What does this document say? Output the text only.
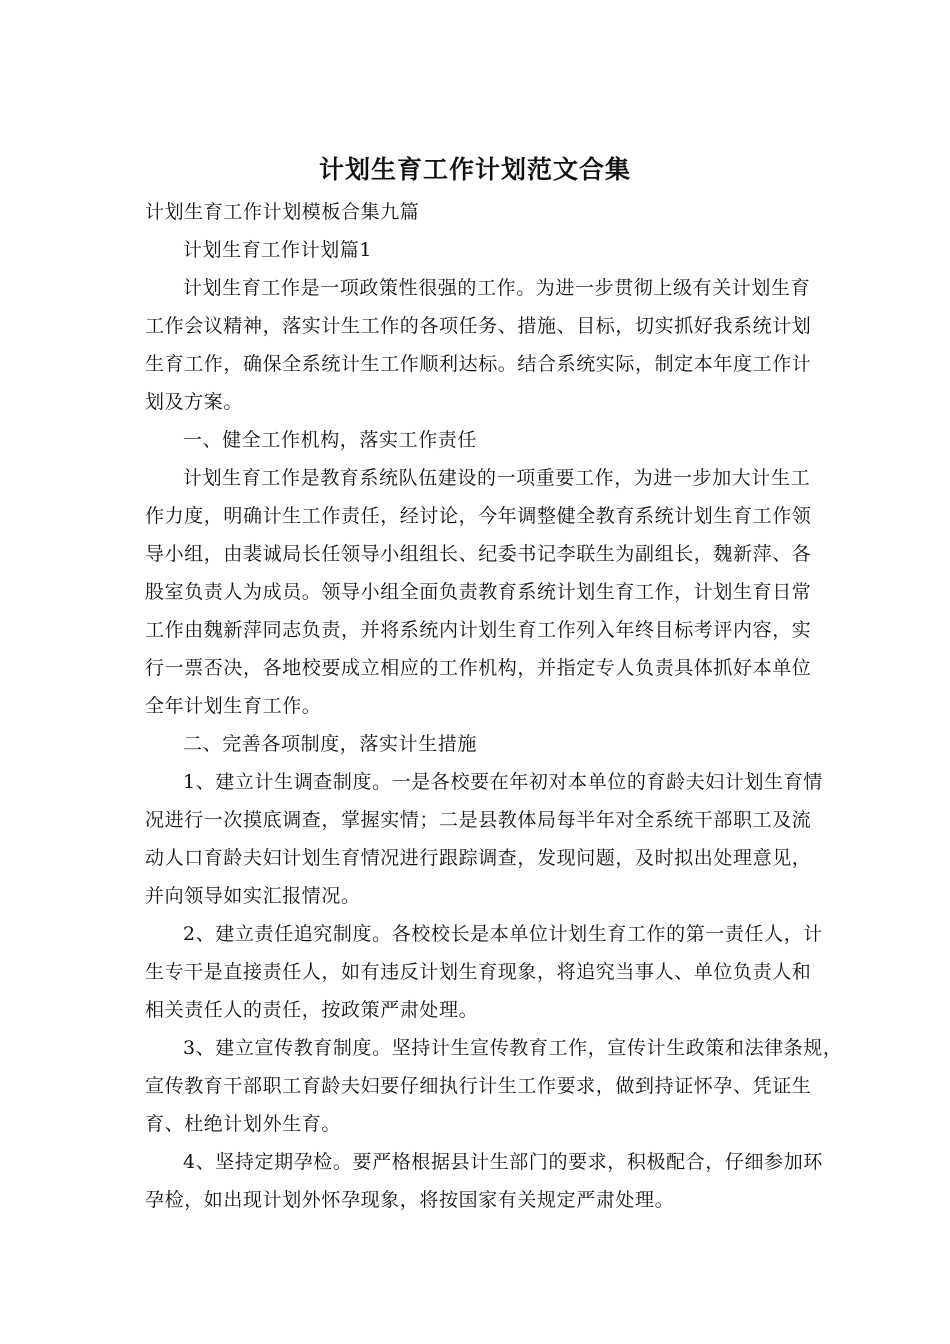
计划生育工作计划范文合集
计划生育工作计划模板合集九篇
计划生育工作计划篇1
计划生育工作是一项政策性很强的工作。为进一步贯彻上级有关计划生育
工作会议精神，落实计生工作的各项任务、措施、目标，切实抓好我系统计划
生育工作，确保全系统计生工作顺利达标。结合系统实际，制定本年度工作计
划及方案。
一、健全工作机构，落实工作责任
计划生育工作是教育系统队伍建设的一项重要工作，为进一步加大计生工
作力度，明确计生工作责任，经讨论，今年调整健全教育系统计划生育工作领
导小组，由裴诚局长任领导小组组长、纪委书记李联生为副组长，魏新萍、各
股室负责人为成员。领导小组全面负责教育系统计划生育工作，计划生育日常
工作由魏新萍同志负责，并将系统内计划生育工作列入年终目标考评内容，实
行一票否决，各地校要成立相应的工作机构，并指定专人负责具体抓好本单位
全年计划生育工作。
二、完善各项制度，落实计生措施
1、建立计生调查制度。一是各校要在年初对本单位的育龄夫妇计划生育情
况进行一次摸底调查，掌握实情；二是县教体局每半年对全系统干部职工及流
动人口育龄夫妇计划生育情况进行跟踪调查，发现问题，及时拟出处理意见，
并向领导如实汇报情况。
2、建立责任追究制度。各校校长是本单位计划生育工作的第一责任人，计
生专干是直接责任人，如有违反计划生育现象，将追究当事人、单位负责人和
相关责任人的责任，按政策严肃处理。
3、建立宣传教育制度。坚持计生宣传教育工作，宣传计生政策和法律条规，
宣传教育干部职工育龄夫妇要仔细执行计生工作要求，做到持证怀孕、凭证生
育、杜绝计划外生育。
4、坚持定期孕检。要严格根据县计生部门的要求，积极配合，仔细参加环
孕检，如出现计划外怀孕现象，将按国家有关规定严肃处理。
